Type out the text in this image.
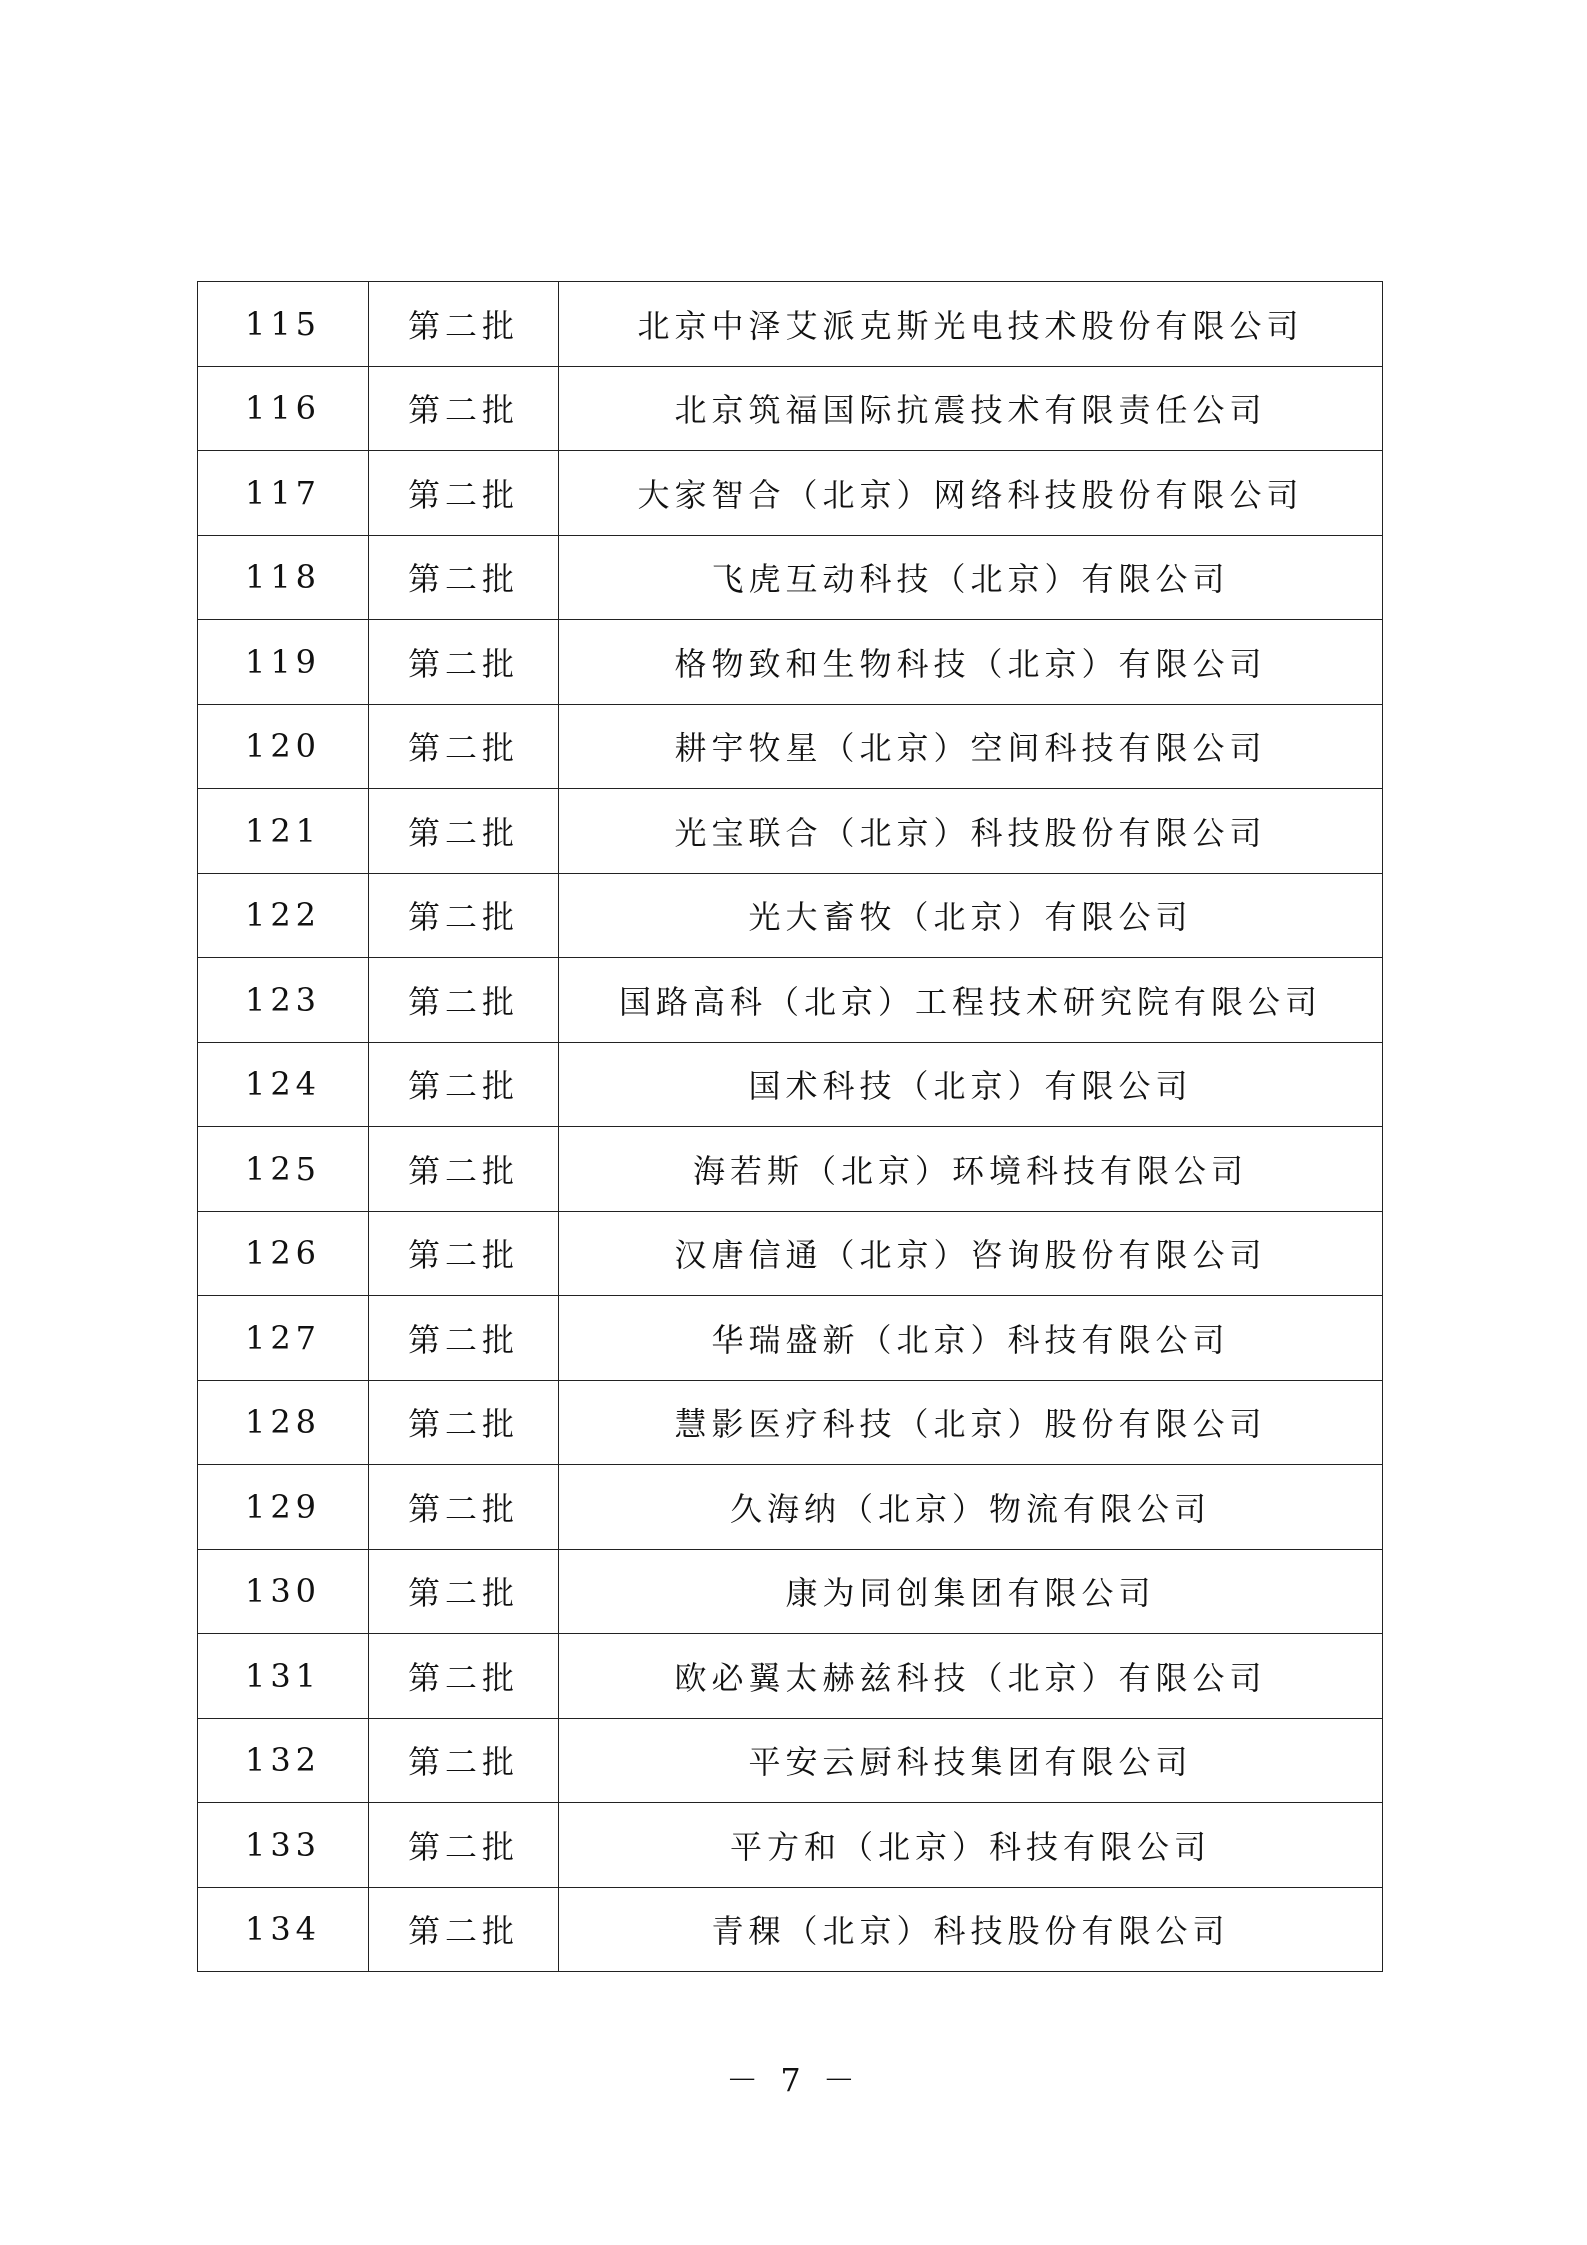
115	第二批	北京中泽艾派克斯光电技术股份有限公司
116	第二批	北京筑福国际抗震技术有限责任公司
117	第二批	大家智合（北京）网络科技股份有限公司
118	第二批	飞虎互动科技（北京）有限公司
119	第二批	格物致和生物科技（北京）有限公司
120	第二批	耕宇牧星（北京）空间科技有限公司
121	第二批	光宝联合（北京）科技股份有限公司
122	第二批	光大畜牧（北京）有限公司
123	第二批	国路高科（北京）工程技术研究院有限公司
124	第二批	国术科技（北京）有限公司
125	第二批	海若斯（北京）环境科技有限公司
126	第二批	汉唐信通（北京）咨询股份有限公司
127	第二批	华瑞盛新（北京）科技有限公司
128	第二批	慧影医疗科技（北京）股份有限公司
129	第二批	久海纳（北京）物流有限公司
130	第二批	康为同创集团有限公司
131	第二批	欧必翼太赫兹科技（北京）有限公司
132	第二批	平安云厨科技集团有限公司
133	第二批	平方和（北京）科技有限公司
134	第二批	青稞（北京）科技股份有限公司
－ 7 －
